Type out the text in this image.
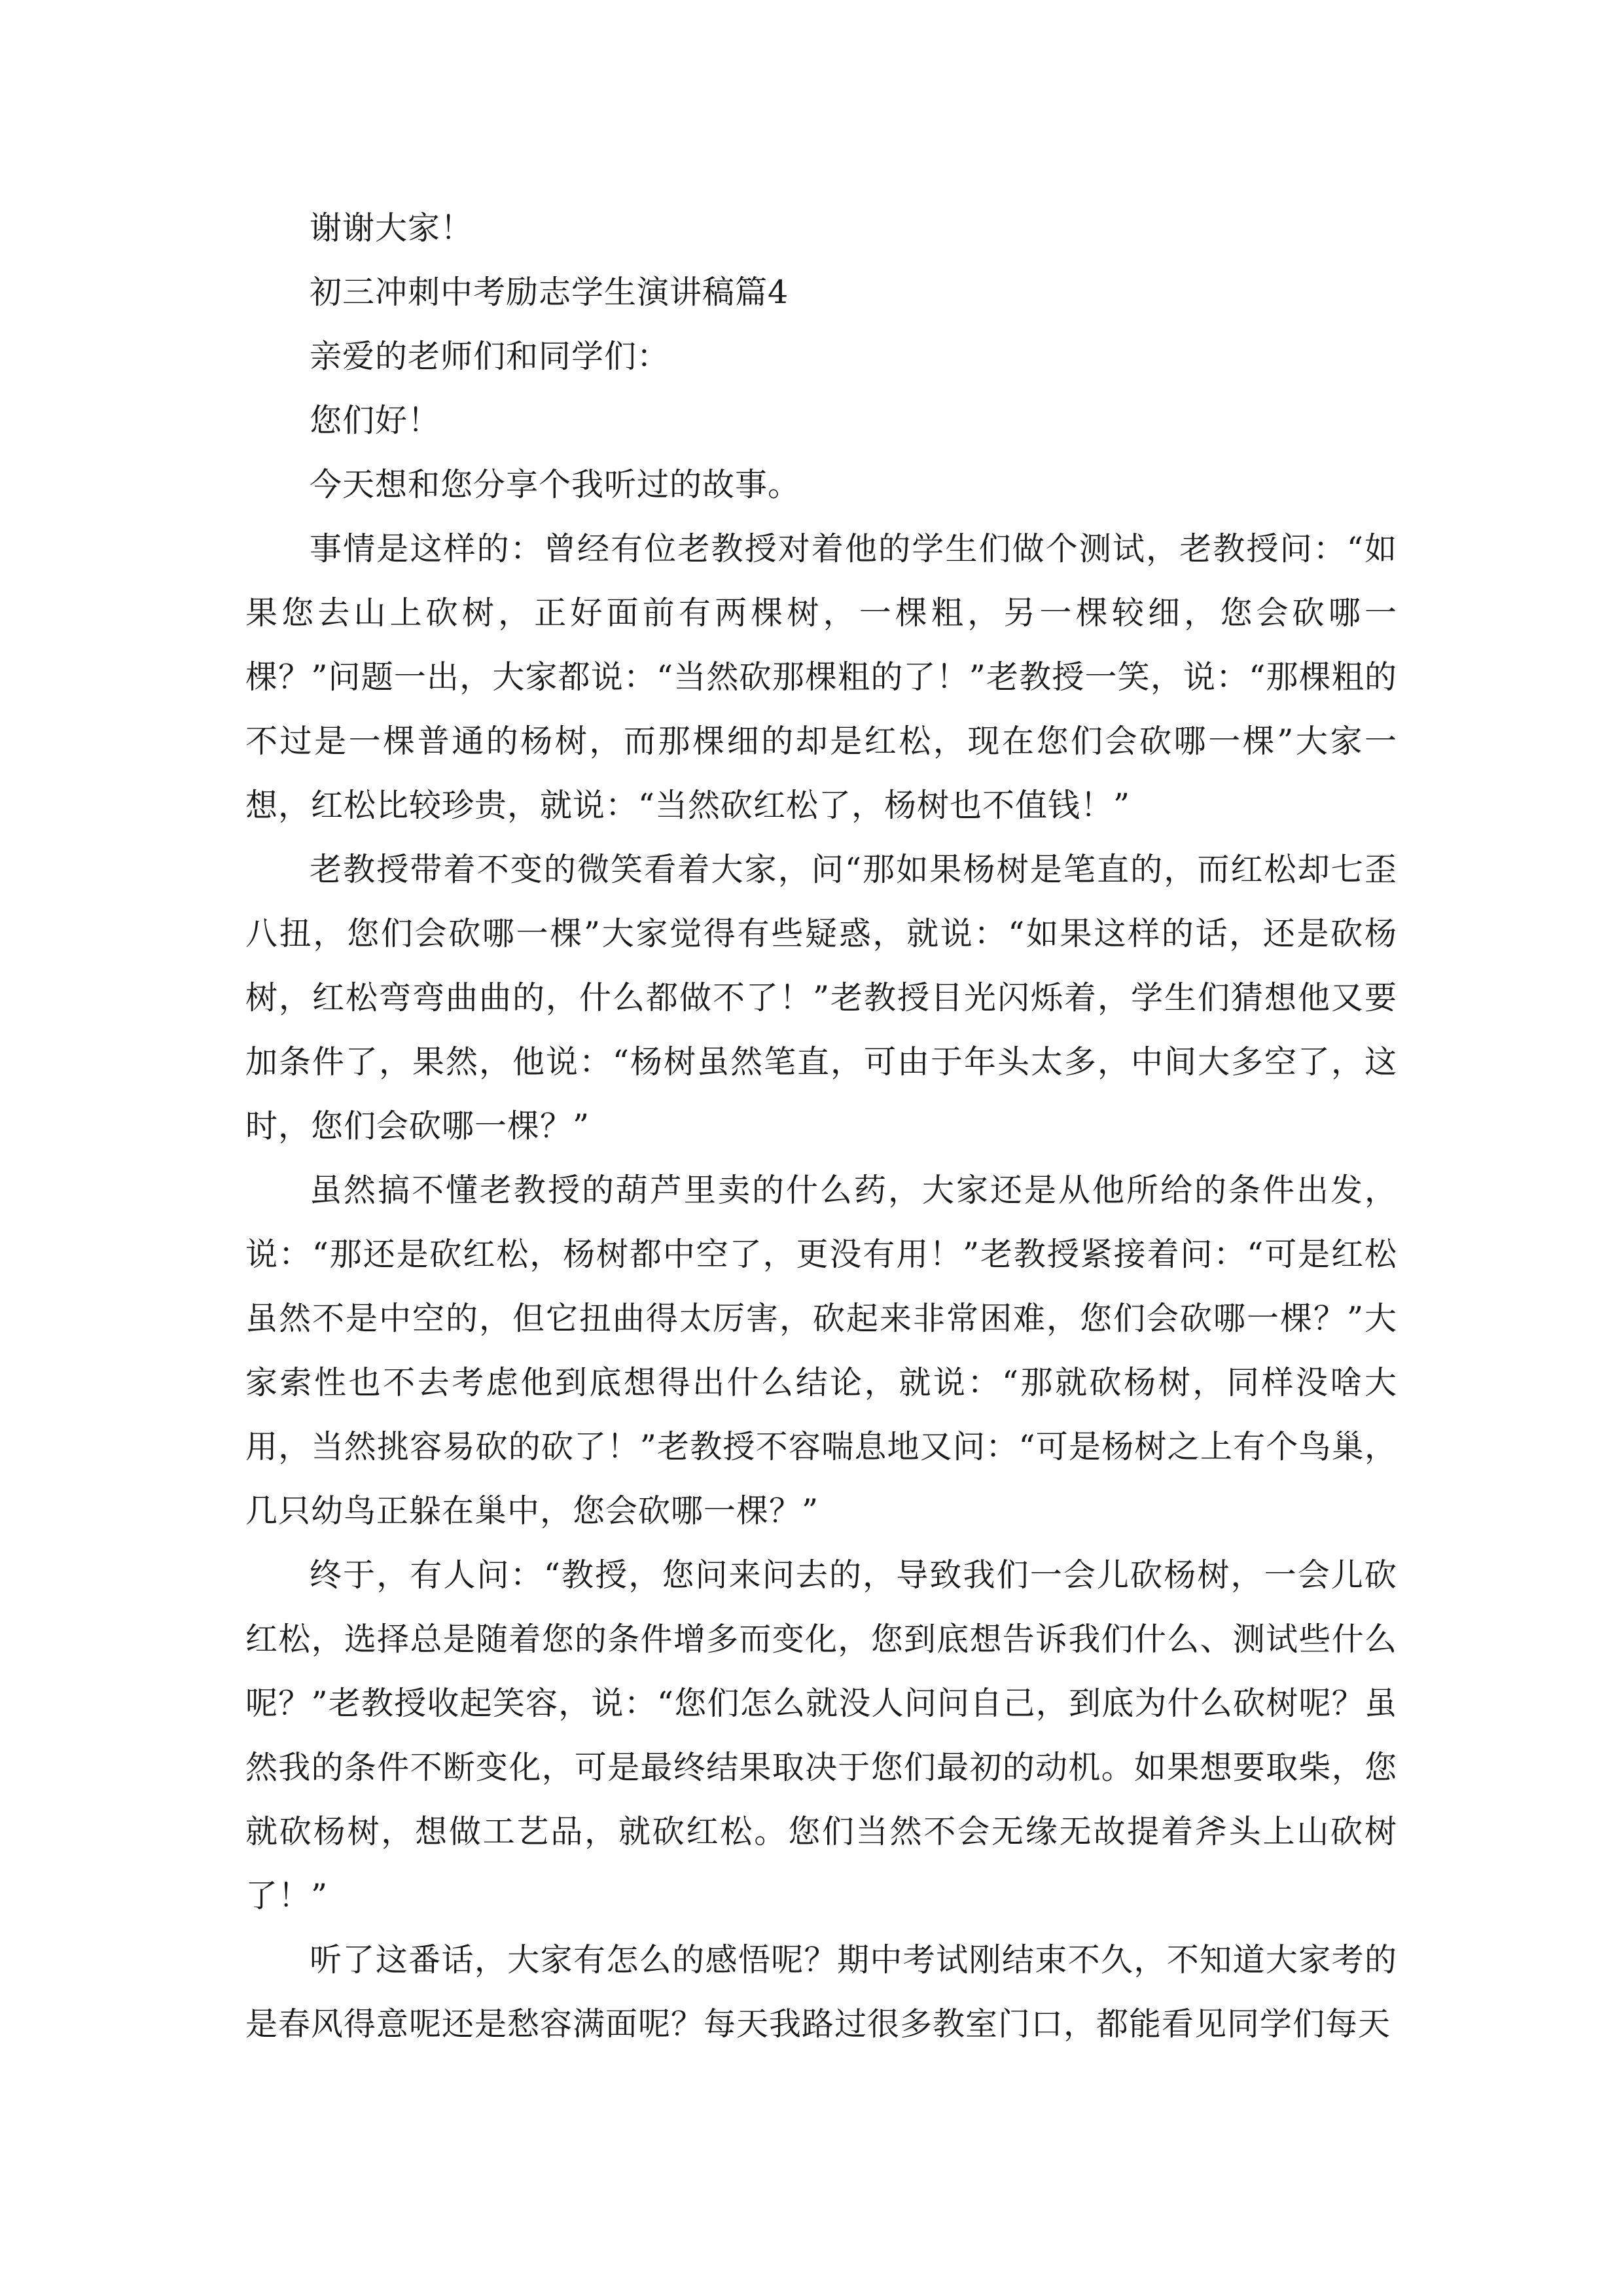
谢谢大家！

初三冲刺中考励志学生演讲稿篇4

亲爱的老师们和同学们：

您们好！

今天想和您分享个我听过的故事。

事情是这样的：曾经有位老教授对着他的学生们做个测试，老教授问：“如果您去山上砍树，正好面前有两棵树，一棵粗，另一棵较细，您会砍哪一棵？”问题一出，大家都说：“当然砍那棵粗的了！”老教授一笑，说：“那棵粗的不过是一棵普通的杨树，而那棵细的却是红松，现在您们会砍哪一棵”大家一想，红松比较珍贵，就说：“当然砍红松了，杨树也不值钱！”

老教授带着不变的微笑看着大家，问“那如果杨树是笔直的，而红松却七歪八扭，您们会砍哪一棵”大家觉得有些疑惑，就说：“如果这样的话，还是砍杨树，红松弯弯曲曲的，什么都做不了！”老教授目光闪烁着，学生们猜想他又要加条件了，果然，他说：“杨树虽然笔直，可由于年头太多，中间大多空了，这时，您们会砍哪一棵？”

虽然搞不懂老教授的葫芦里卖的什么药，大家还是从他所给的条件出发，说：“那还是砍红松，杨树都中空了，更没有用！”老教授紧接着问：“可是红松虽然不是中空的，但它扭曲得太厉害，砍起来非常困难，您们会砍哪一棵？”大家索性也不去考虑他到底想得出什么结论，就说：“那就砍杨树，同样没啥大用，当然挑容易砍的砍了！”老教授不容喘息地又问：“可是杨树之上有个鸟巢，几只幼鸟正躲在巢中，您会砍哪一棵？”

终于，有人问：“教授，您问来问去的，导致我们一会儿砍杨树，一会儿砍红松，选择总是随着您的条件增多而变化，您到底想告诉我们什么、测试些什么呢？”老教授收起笑容，说：“您们怎么就没人问问自己，到底为什么砍树呢？虽然我的条件不断变化，可是最终结果取决于您们最初的动机。如果想要取柴，您就砍杨树，想做工艺品，就砍红松。您们当然不会无缘无故提着斧头上山砍树了！”

听了这番话，大家有怎么的感悟呢？期中考试刚结束不久，不知道大家考的是春风得意呢还是愁容满面呢？每天我路过很多教室门口，都能看见同学们每天
